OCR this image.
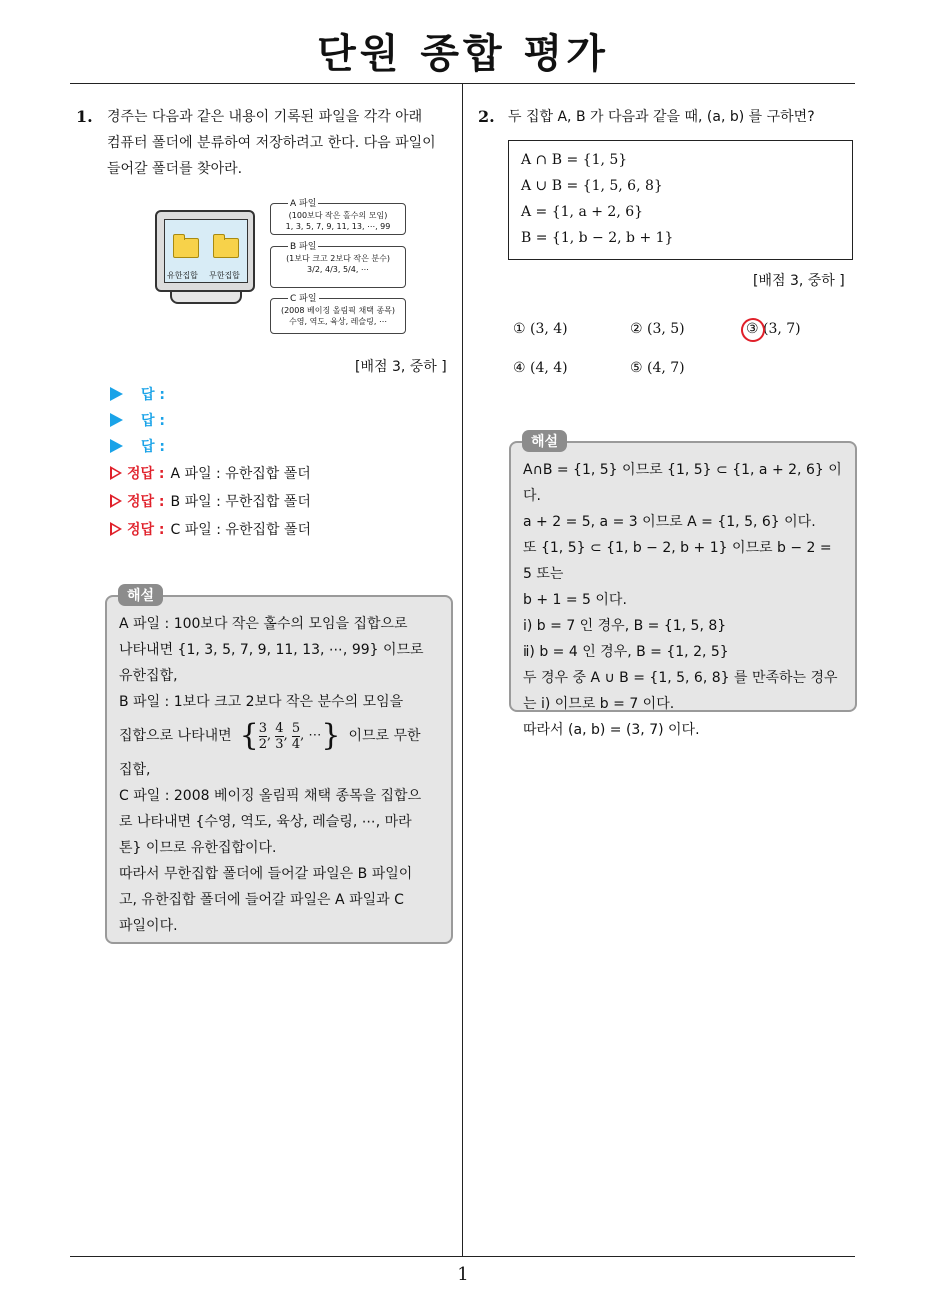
단원 종합 평가
1. 경주는 다음과 같은 내용이 기록된 파일을 각각 아래
컴퓨터 폴더에 분류하여 저장하려고 한다. 다음 파일이
들어갈 폴더를 찾아라.
유한집합 무한집합
(100보다 작은 홀수의 모임)
1, 3, 5, 7, 9, 11, 13, ⋯, 99
A 파일
(1보다 크고 2보다 작은 분수)
3/2, 4/3, 5/4, ⋯
B 파일
(2008 베이징 올림픽 채택 종목)
수영, 역도, 육상, 레슬링, ⋯
C 파일
[배점 3, 중하 ]
답 :
답 :
답 :
정답 : A 파일 : 유한집합 폴더
정답 : B 파일 : 무한집합 폴더
정답 : C 파일 : 유한집합 폴더
A 파일 : 100보다 작은 홀수의 모임을 집합으로
나타내면 {1, 3, 5, 7, 9, 11, 13, ⋯, 99} 이므로
유한집합,
B 파일 : 1보다 크고 2보다 작은 분수의 모임을
집합으로 나타내면 { 3
2
, 4
3
, 5
4
, ⋯ } 이므로 무한
집합,
C 파일 : 2008 베이징 올림픽 채택 종목을 집합으
로 나타내면 {수영, 역도, 육상, 레슬링, ⋯, 마라
톤} 이므로 유한집합이다.
따라서 무한집합 폴더에 들어갈 파일은 B 파일이
고, 유한집합 폴더에 들어갈 파일은 A 파일과 C
파일이다.
해설
2. 두 집합 A, B 가 다음과 같을 때, (a, b) 를 구하면?
A ∩ B = {1, 5}
A ∪ B = {1, 5, 6, 8}
A = {1, a + 2, 6}
B = {1, b − 2, b + 1}
[배점 3, 중하 ]
① (3, 4)	② (3, 5)	③ (3, 7)
④ (4, 4)	⑤ (4, 7)
A∩B = {1, 5} 이므로 {1, 5} ⊂ {1, a + 2, 6} 이다.
a + 2 = 5, a = 3 이므로 A = {1, 5, 6} 이다.
또 {1, 5} ⊂ {1, b − 2, b + 1} 이므로 b − 2 = 5 또는
b + 1 = 5 이다.
ⅰ) b = 7 인 경우, B = {1, 5, 8}
ⅱ) b = 4 인 경우, B = {1, 2, 5}
두 경우 중 A ∪ B = {1, 5, 6, 8} 를 만족하는 경우
는 ⅰ) 이므로 b = 7 이다.
따라서 (a, b) = (3, 7) 이다.
해설
1
